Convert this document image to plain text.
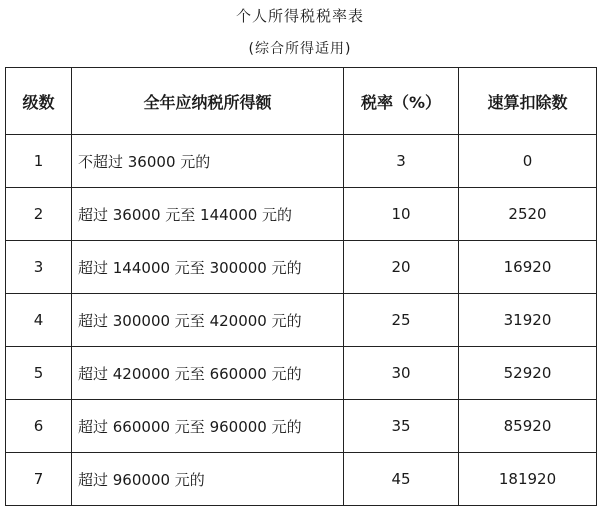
个人所得税税率表
(综合所得适用)
级数	全年应纳税所得额	税率（%）	速算扣除数
1	不超过 36000 元的	3	0
2	超过 36000 元至 144000 元的	10	2520
3	超过 144000 元至 300000 元的	20	16920
4	超过 300000 元至 420000 元的	25	31920
5	超过 420000 元至 660000 元的	30	52920
6	超过 660000 元至 960000 元的	35	85920
7	超过 960000 元的	45	181920
